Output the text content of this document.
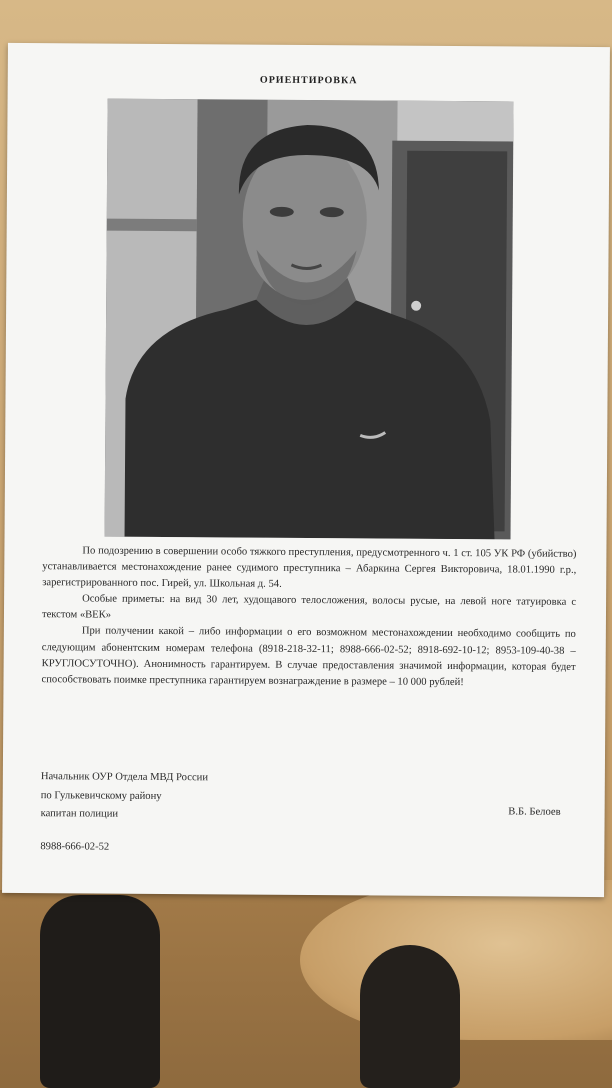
ОРИЕНТИРОВКА

По подозрению в совершении особо тяжкого преступления, предусмотренного ч. 1 ст. 105 УК РФ (убийство) устанавливается местонахождение ранее судимого преступника – Абаркина Сергея Викторовича, 18.01.1990 г.р., зарегистрированного пос. Гирей, ул. Школьная д. 54.

Особые приметы: на вид 30 лет, худощавого телосложения, волосы русые, на левой ноге татуировка с текстом «ВЕК»

При получении какой – либо информации о его возможном местонахождении необходимо сообщить по следующим абонентским номерам телефона (8918-218-32-11; 8988-666-02-52; 8918-692-10-12; 8953-109-40-38 – КРУГЛОСУТОЧНО). Анонимность гарантируем. В случае предоставления значимой информации, которая будет способствовать поимке преступника гарантируем вознаграждение в размере – 10 000 рублей!

Начальник ОУР Отдела МВД России
по Гулькевичскому району
капитан полиции	В.Б. Белоев
8988-666-02-52
